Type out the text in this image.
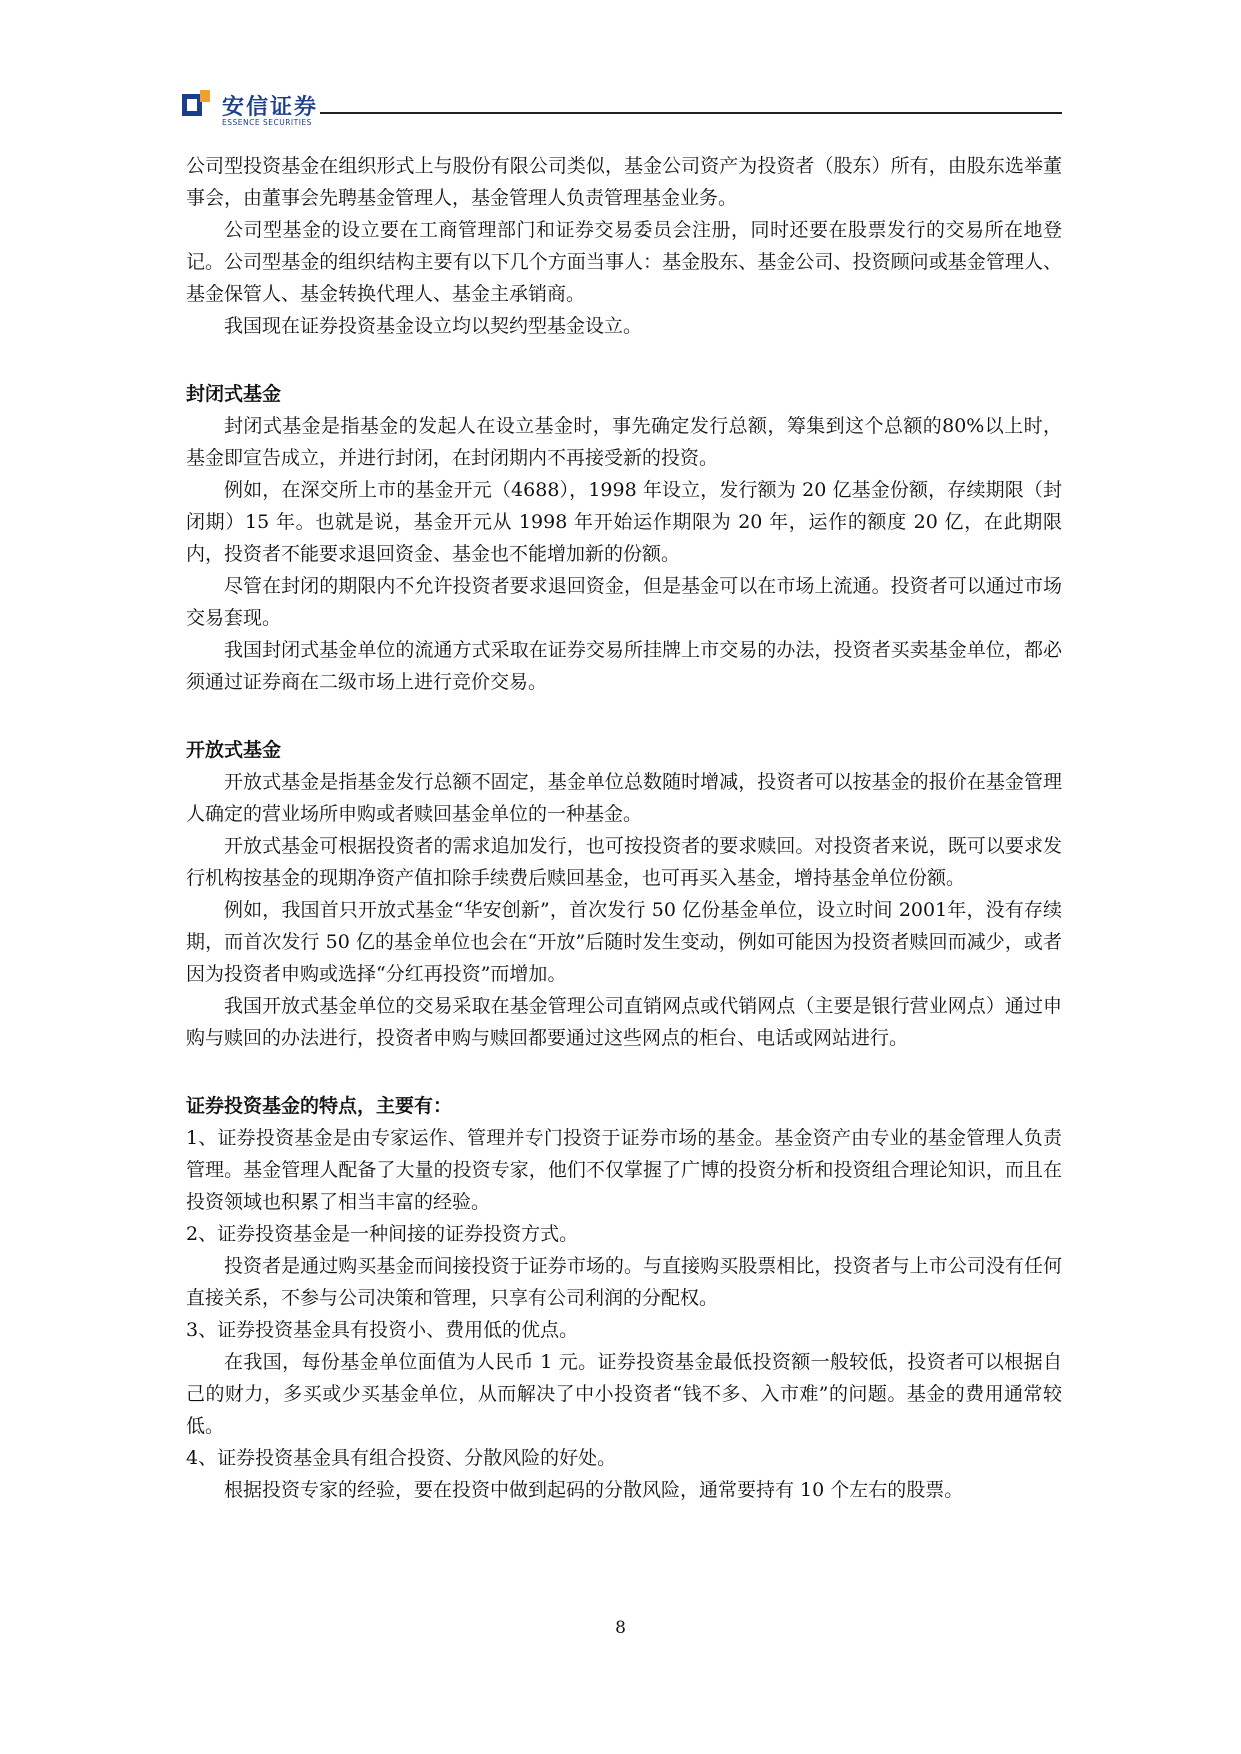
安信证券
ESSENCE SECURITIES

公司型投资基金在组织形式上与股份有限公司类似，基金公司资产为投资者（股东）所有，由股东选举董事会，由董事会先聘基金管理人，基金管理人负责管理基金业务。

公司型基金的设立要在工商管理部门和证券交易委员会注册，同时还要在股票发行的交易所在地登记。公司型基金的组织结构主要有以下几个方面当事人：基金股东、基金公司、投资顾问或基金管理人、基金保管人、基金转换代理人、基金主承销商。

我国现在证券投资基金设立均以契约型基金设立。

封闭式基金

封闭式基金是指基金的发起人在设立基金时，事先确定发行总额，筹集到这个总额的80%以上时，基金即宣告成立，并进行封闭，在封闭期内不再接受新的投资。

例如，在深交所上市的基金开元（4688），1998 年设立，发行额为 20 亿基金份额，存续期限（封闭期）15 年。也就是说，基金开元从 1998 年开始运作期限为 20 年，运作的额度 20 亿，在此期限内，投资者不能要求退回资金、基金也不能增加新的份额。

尽管在封闭的期限内不允许投资者要求退回资金，但是基金可以在市场上流通。投资者可以通过市场交易套现。

我国封闭式基金单位的流通方式采取在证券交易所挂牌上市交易的办法，投资者买卖基金单位，都必须通过证券商在二级市场上进行竞价交易。

开放式基金

开放式基金是指基金发行总额不固定，基金单位总数随时增减，投资者可以按基金的报价在基金管理人确定的营业场所申购或者赎回基金单位的一种基金。

开放式基金可根据投资者的需求追加发行，也可按投资者的要求赎回。对投资者来说，既可以要求发行机构按基金的现期净资产值扣除手续费后赎回基金，也可再买入基金，增持基金单位份额。

例如，我国首只开放式基金“华安创新”，首次发行 50 亿份基金单位，设立时间 2001年，没有存续期，而首次发行 50 亿的基金单位也会在“开放”后随时发生变动，例如可能因为投资者赎回而减少，或者因为投资者申购或选择“分红再投资”而增加。

我国开放式基金单位的交易采取在基金管理公司直销网点或代销网点（主要是银行营业网点）通过申购与赎回的办法进行，投资者申购与赎回都要通过这些网点的柜台、电话或网站进行。

证券投资基金的特点，主要有：

1、证券投资基金是由专家运作、管理并专门投资于证券市场的基金。基金资产由专业的基金管理人负责管理。基金管理人配备了大量的投资专家，他们不仅掌握了广博的投资分析和投资组合理论知识，而且在投资领域也积累了相当丰富的经验。

2、证券投资基金是一种间接的证券投资方式。

投资者是通过购买基金而间接投资于证券市场的。与直接购买股票相比，投资者与上市公司没有任何直接关系，不参与公司决策和管理，只享有公司利润的分配权。

3、证券投资基金具有投资小、费用低的优点。

在我国，每份基金单位面值为人民币 1 元。证券投资基金最低投资额一般较低，投资者可以根据自己的财力，多买或少买基金单位，从而解决了中小投资者“钱不多、入市难”的问题。基金的费用通常较低。

4、证券投资基金具有组合投资、分散风险的好处。

根据投资专家的经验，要在投资中做到起码的分散风险，通常要持有 10 个左右的股票。

8
